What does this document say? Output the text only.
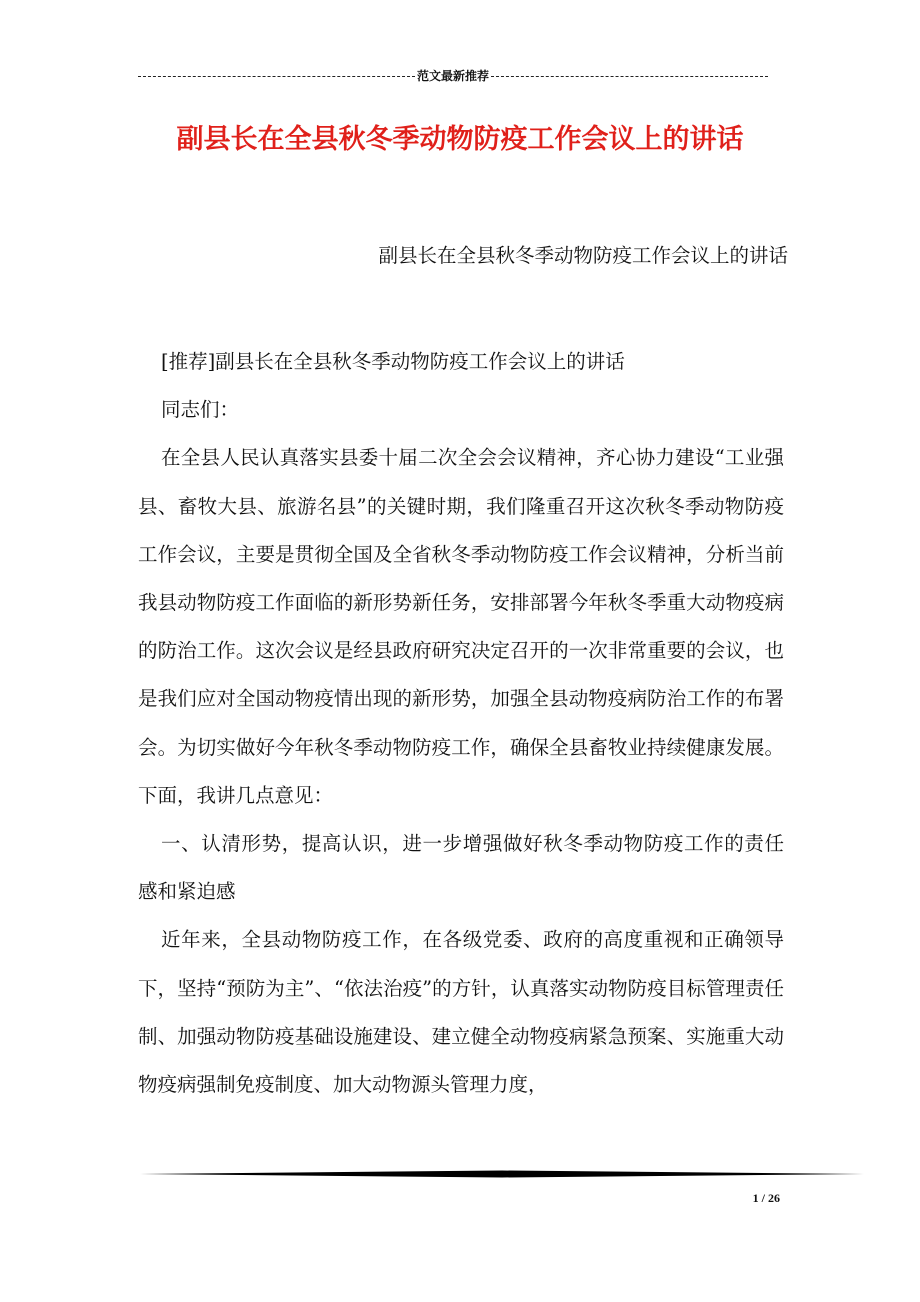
范文最新推荐
副县长在全县秋冬季动物防疫工作会议上的讲话
副县长在全县秋冬季动物防疫工作会议上的讲话

[推荐]副县长在全县秋冬季动物防疫工作会议上的讲话

同志们：

在全县人民认真落实县委十届二次全会会议精神，齐心协力建设“工业强县、畜牧大县、旅游名县”的关键时期，我们隆重召开这次秋冬季动物防疫工作会议，主要是贯彻全国及全省秋冬季动物防疫工作会议精神，分析当前我县动物防疫工作面临的新形势新任务，安排部署今年秋冬季重大动物疫病的防治工作。这次会议是经县政府研究决定召开的一次非常重要的会议，也是我们应对全国动物疫情出现的新形势，加强全县动物疫病防治工作的布署会。为切实做好今年秋冬季动物防疫工作，确保全县畜牧业持续健康发展。下面，我讲几点意见：

一、认清形势，提高认识，进一步增强做好秋冬季动物防疫工作的责任感和紧迫感

近年来，全县动物防疫工作，在各级党委、政府的高度重视和正确领导下，坚持“预防为主”、“依法治疫”的方针，认真落实动物防疫目标管理责任制、加强动物防疫基础设施建设、建立健全动物疫病紧急预案、实施重大动物疫病强制免疫制度、加大动物源头管理力度，

1 / 26
